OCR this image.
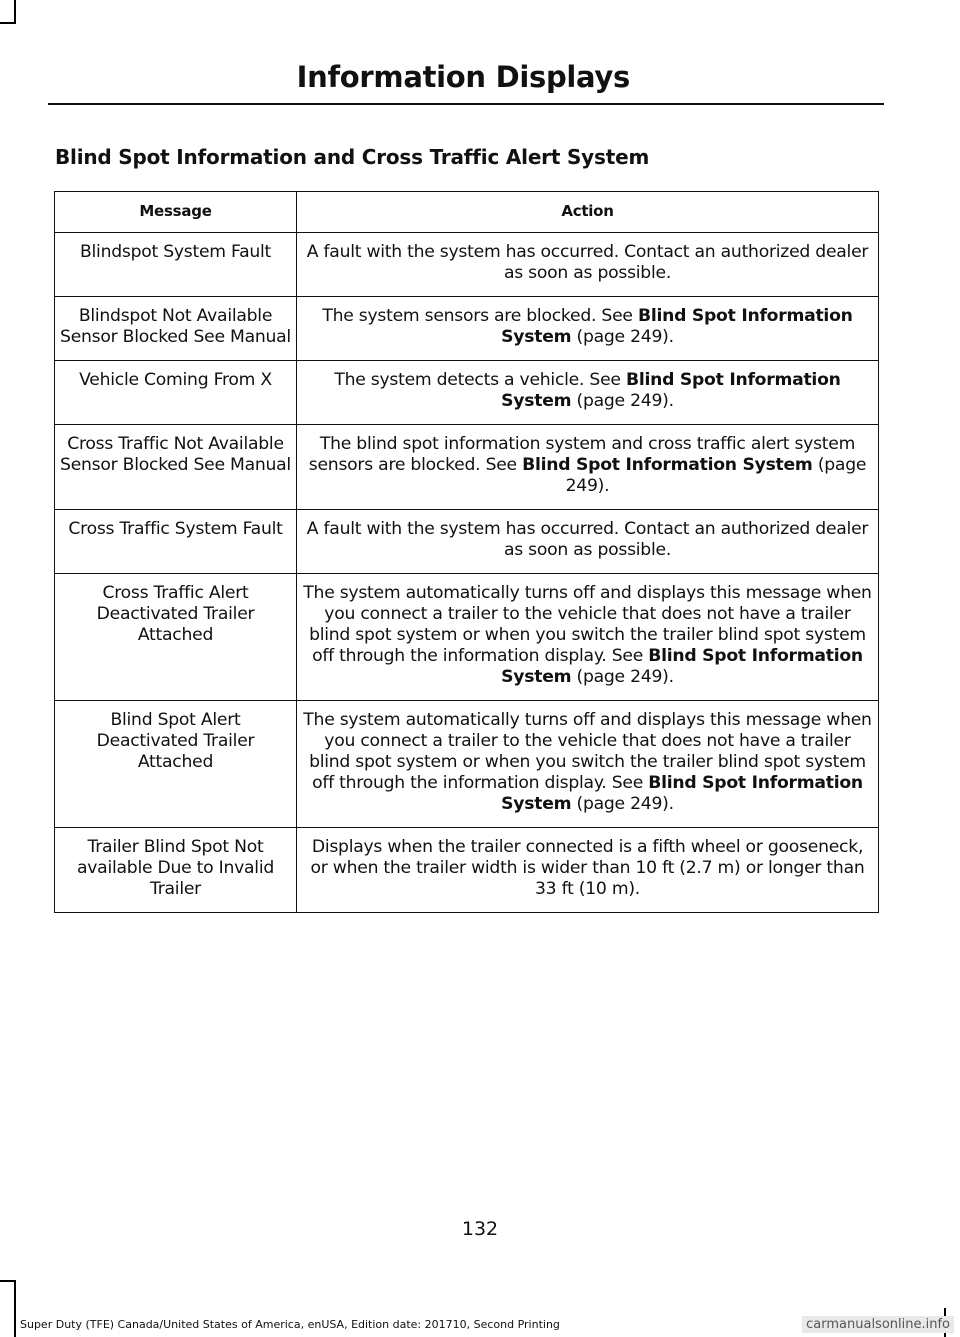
Information Displays
Blind Spot Information and Cross Traffic Alert System
Message	Action
Blindspot System Fault	A fault with the system has occurred. Contact an authorized dealer as soon as possible.
Blindspot Not Available Sensor Blocked See Manual	The system sensors are blocked. See Blind Spot Information System (page 249).
Vehicle Coming From X	The system detects a vehicle. See Blind Spot Information System (page 249).
Cross Traffic Not Available Sensor Blocked See Manual	The blind spot information system and cross traffic alert system sensors are blocked. See Blind Spot Information System (page 249).
Cross Traffic System Fault	A fault with the system has occurred. Contact an authorized dealer as soon as possible.
Cross Traffic Alert Deactivated Trailer Attached	The system automatically turns off and displays this message when you connect a trailer to the vehicle that does not have a trailer blind spot system or when you switch the trailer blind spot system off through the information display. See Blind Spot Information System (page 249).
Blind Spot Alert Deactivated Trailer Attached	The system automatically turns off and displays this message when you connect a trailer to the vehicle that does not have a trailer blind spot system or when you switch the trailer blind spot system off through the information display. See Blind Spot Information System (page 249).
Trailer Blind Spot Not available Due to Invalid Trailer	Displays when the trailer connected is a fifth wheel or gooseneck, or when the trailer width is wider than 10 ft (2.7 m) or longer than 33 ft (10 m).
132
Super Duty (TFE) Canada/United States of America, enUSA, Edition date: 201710, Second Printing	carmanualsonline.info
